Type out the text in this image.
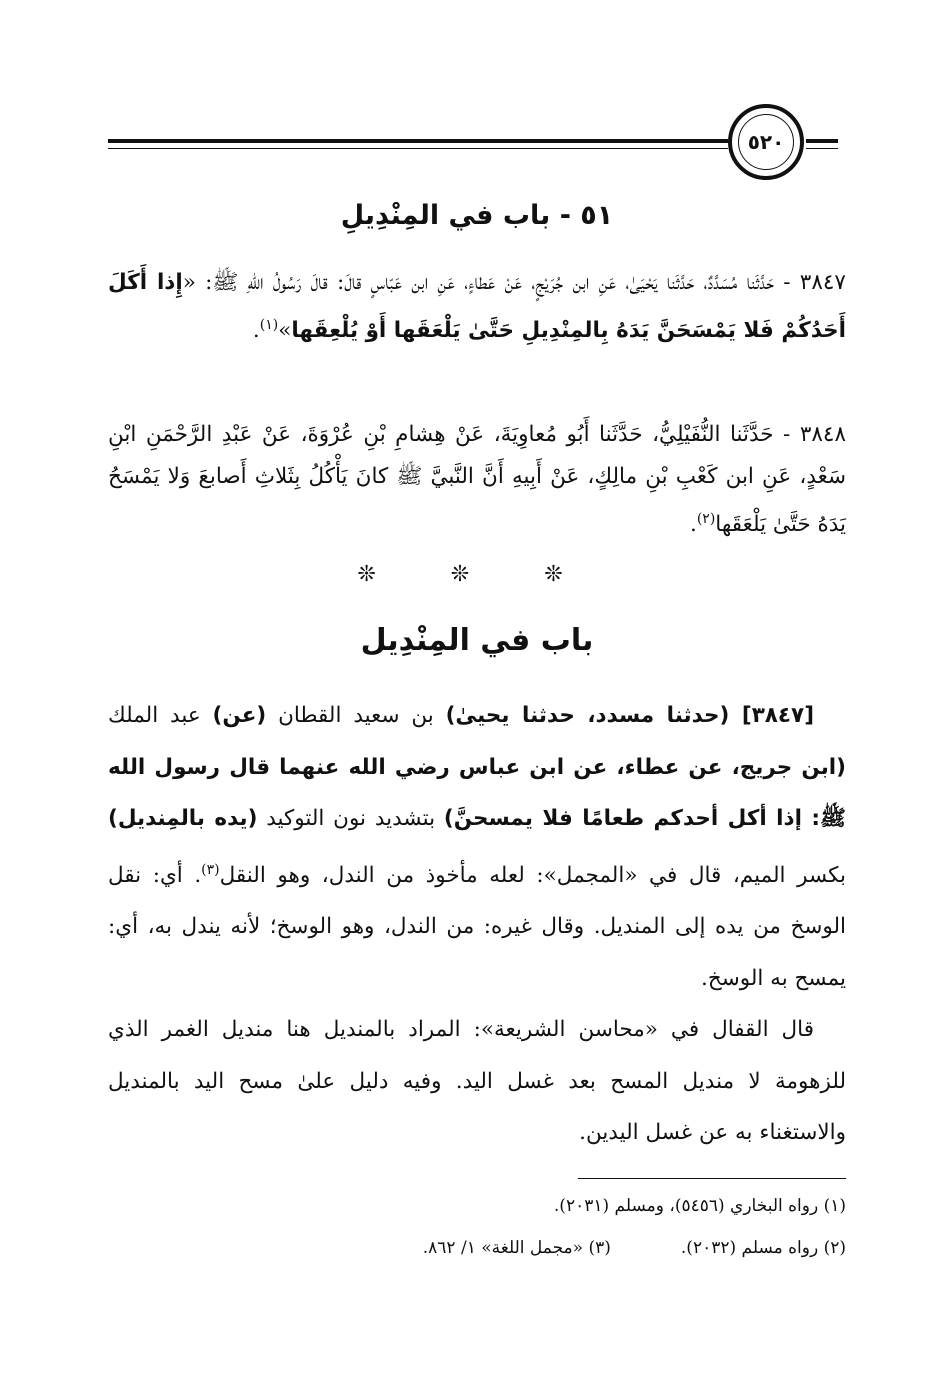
٥٢٠
٥١ - باب في المِنْدِيلِ
٣٨٤٧ - حَدَّثَنا مُسَدَّدٌ، حَدَّثَنا يَحْيَىٰ، عَنِ ابن جُرَيْجٍ، عَنْ عَطاءٍ، عَنِ ابن عَبّاسٍ قالَ: قالَ رَسُولُ اللهِ ﷺ: «إِذا أَكَلَ أَحَدُكُمْ فَلا يَمْسَحَنَّ يَدَهُ بِالمِنْدِيلِ حَتَّىٰ يَلْعَقَها أَوْ يُلْعِقَها»$^{(١)}$.
٣٨٤٨ - حَدَّثَنا النُّفَيْلِيُّ، حَدَّثَنا أَبُو مُعاوِيَةَ، عَنْ هِشامِ بْنِ عُرْوَةَ، عَنْ عَبْدِ الرَّحْمَنِ ابْنِ سَعْدٍ، عَنِ ابن كَعْبِ بْنِ مالِكٍ، عَنْ أَبِيهِ أَنَّ النَّبيَّ ﷺ كانَ يَأْكُلُ بِثَلاثِ أَصابعَ وَلا يَمْسَحُ يَدَهُ حَتَّىٰ يَلْعَقَها$^{(٢)}$.
❊ ❊ ❊
باب في المِنْدِيل

[٣٨٤٧] (حدثنا مسدد، حدثنا يحيىٰ) بن سعيد القطان (عن) عبد الملك (ابن جريج، عن عطاء، عن ابن عباس رضي الله عنهما قال رسول الله ﷺ: إذا أكل أحدكم طعامًا فلا يمسحنَّ) بتشديد نون التوكيد (يده بالمِنديل) بكسر الميم، قال في «المجمل»: لعله مأخوذ من الندل، وهو النقل$^{(٣)}$. أي: نقل الوسخ من يده إلى المنديل. وقال غيره: من الندل، وهو الوسخ؛ لأنه يندل به، أي: يمسح به الوسخ.

قال القفال في «محاسن الشريعة»: المراد بالمنديل هنا منديل الغمر الذي للزهومة لا منديل المسح بعد غسل اليد. وفيه دليل علىٰ مسح اليد بالمنديل والاستغناء به عن غسل اليدين.

(١) رواه البخاري (٥٤٥٦)، ومسلم (٢٠٣١).
(٢) رواه مسلم (٢٠٣٢).
(٣) «مجمل اللغة» ١/ ٨٦٢.
